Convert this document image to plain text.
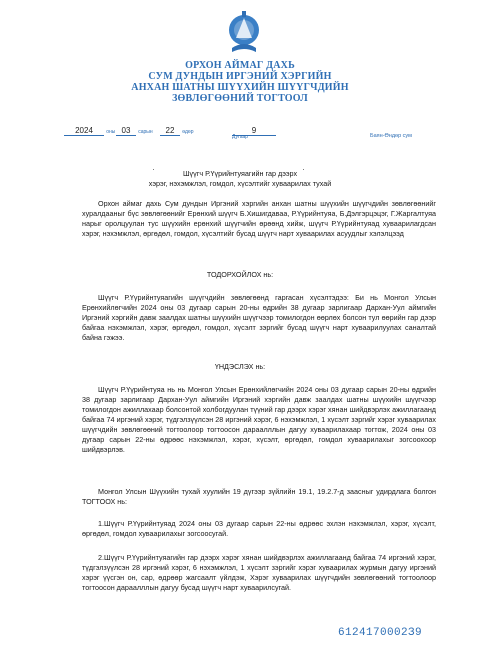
ОРХОН АЙМАГ ДАХЬ
СУМ ДУНДЫН ИРГЭНИЙ ХЭРГИЙН
АНХАН ШАТНЫ ШҮҮХИЙН ШҮҮГЧДИЙН
ЗӨВЛӨГӨӨНИЙ ТОГТООЛ
2024	оны 03 сарын	22 өдөр	9
Дугаар	Баян-Өндөр сум
·	·
Шүүгч Р.Үүрийнтуяагийн гар дээрх
хэрэг, нэхэмжлэл, гомдол, хүсэлтийг хуваарилах тухай
Орхон аймаг дахь Сум дундын Иргэний хэргийн анхан шатны шүүхийн шүүгчдийн зөвлөгөөнийг хуралдааныг бүс зөвлөгөөнийг Ерөнхий шүүгч Б.Хишигдаваа, Р.Үүрийнтуяа, Б.Дэлгэрцэцэг, Г.Жаргалтуяа нарыг оролцуулан тус шүүхийн ерөнхий шүүгчийн өрөөнд хийж, шүүгч Р.Үүрийнтуяад хуваарилагдсан хэрэг, нэхэмжлэл, өргөдөл, гомдол, хүсэлтийг бусад шүүгч нарт хуваарилах асуудлыг хэлэлцээд
ТОДОРХОЙЛОХ нь:
Шүүгч Р.Үүрийнтуяагийн шүүгчдийн зөвлөгөөнд гаргасан хүсэлтэдээ: Би нь Монгол Улсын Ерөнхийлөгчийн 2024 оны 03 дугаар сарын 20-ны өдрийн 38 дугаар зарлигаар Дархан-Уул аймгийн Иргэний хэргийн давж заалдах шатны шүүхийн шүүгчээр томилогдон өөрлөх болсон тул өөрийн гар дээр байгаа нэхэмжлэл, хэрэг, өргөдөл, гомдол, хүсэлт зэргийг бусад шүүгч нарт хуваарилуулах саналтай байна гэжээ.
ҮНДЭСЛЭХ нь:
Шүүгч Р.Үүрийнтуяа нь нь Монгол Улсын Ерөнхийлөгчийн 2024 оны 03 дугаар сарын 20-ны өдрийн 38 дугаар зарлигаар Дархан-Уул аймгийн Иргэний хэргийн давж заалдах шатны шүүхийн шүүгчээр томилогдон ажиллахаар болсонтой холбогдуулан түүний гар дээрх хэрэг хянан шийдвэрлэх ажиллагаанд байгаа 74 иргэний хэрэг, түдгэлзүүлсэн 28 иргэний хэрэг, 6 нэхэмжлэл, 1 хүсэлт зэргийг хэрэг хуваарилах шүүгчдийн зөвлөгөөний тогтоолоор тогтоосон дараалллын дагуу хуваарилахаар тогтож, 2024 оны 03 дугаар сарын 22-ны өдрөөс нэхэмжлэл, хэрэг, хүсэлт, өргөдөл, гомдол хуваарилахыг зогсоохоор шийдвэрлэв.
Монгол Улсын Шүүхийн тухай хуулийн 19 дүгээр зүйлийн 19.1, 19.2.7-д заасныг удирдлага болгон ТОГТООХ нь:
1.Шүүгч Р.Үүрийнтуяад 2024 оны 03 дугаар сарын 22-ны өдрөөс эхлэн нэхэмжлэл, хэрэг, хүсэлт, өргөдөл, гомдол хуваарилахыг зогсоосугай.
2.Шүүгч Р.Үүрийнтуяагийн гар дээрх хэрэг хянан шийдвэрлэх ажиллагаанд байгаа 74 иргэний хэрэг, түдгэлзүүлсэн 28 иргэний хэрэг, 6 нэхэмжлэл, 1 хүсэлт зэргийг хэрэг хуваарилах журмын дагуу иргэний хэрэг үүсгэн он, сар, өдрөөр жагсаалт үйлдэж, Хэрэг хуваарилах шүүгчдийн зөвлөгөөний тогтоолоор тогтоосон дараалллын дагуу бусад шүүгч нарт хуваарилсугай.
6124170002З9
